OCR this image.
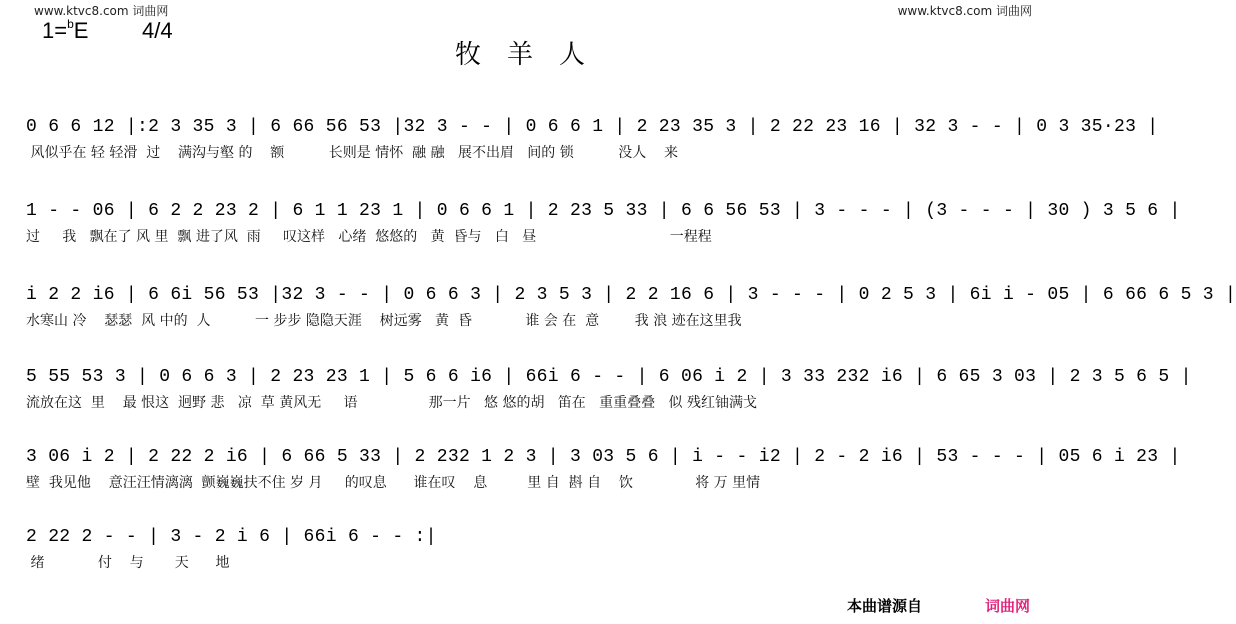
www.ktvc8.com 词曲网	www.ktvc8.com 词曲网
1=$^b$E 4/4
牧羊人
0 6 6 12 |:2 3 35 3 | 6 66 56 53 |32 3 - - | 0 6 6 1 | 2 23 35 3 | 2 22 23 16 | 32 3 - - | 0 3 35·23 |
风似乎在 轻 轻滑  过    满沟与壑 的    额          长则是 情怀  融 融   展不出眉   间的 锁          没人    来
1 - - 06 | 6 2 2 23 2 | 6 1 1 23 1 | 0 6 6 1 | 2 23 5 33 | 6 6 56 53 | 3 - - - | (3 - - - | 30 ) 3 5 6 |
过     我   飘在了 风 里  飘 进了风  雨     叹这样   心绪  悠悠的   黄  昏与   白   昼                              一程程
i 2 2 i6 | 6 6i 56 53 |32 3 - - | 0 6 6 3 | 2 3 5 3 | 2 2 16 6 | 3 - - - | 0 2 5 3 | 6i i - 05 | 6 66 6 5 3 |
水寒山 冷    瑟瑟  风 中的  人          一 步步 隐隐天涯    树远雾   黄  昏            谁 会 在  意        我 浪 迹在这里我
5 55 53 3 | 0 6 6 3 | 2 23 23 1 | 5 6 6 i6 | 66i 6 - - | 6 06 i 2 | 3 33 232 i6 | 6 65 3 03 | 2 3 5 6 5 |
流放在这  里    最 恨这  迥野 悲   凉  草 黄风无     语                那一片   悠 悠的胡   笛在   重重叠叠   似 残红铀满戈
3 06 i 2 | 2 22 2 i6 | 6 66 5 33 | 2 232 1 2 3 | 3 03 5 6 | i - - i2 | 2 - 2 i6 | 53 - - - | 05 6 i 23 |
壁  我见他    意汪汪情漓漓  颤巍巍扶不住 岁 月     的叹息      谁在叹    息         里 自  斟 自    饮              将 万 里情
2 22 2 - - | 3 - 2 i 6 | 66i 6 - - :|
绪            付    与       天      地
本曲谱源自	词曲网
